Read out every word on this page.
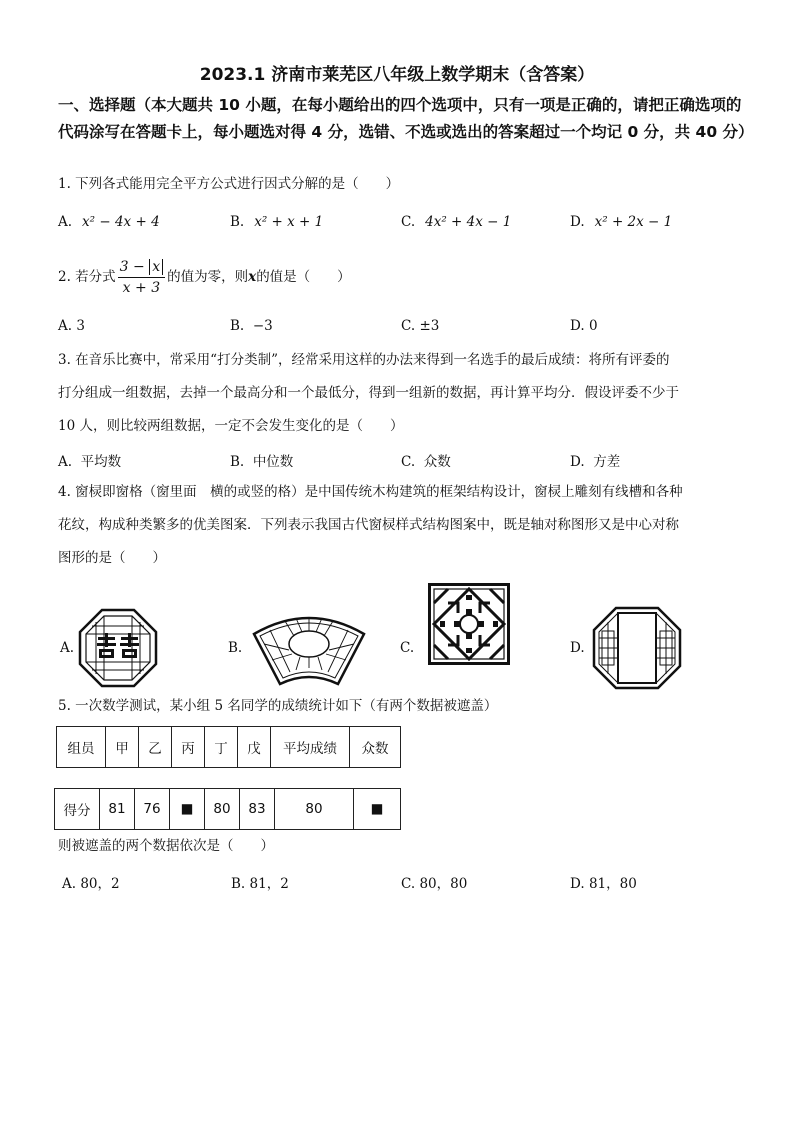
2023.1 济南市莱芜区八年级上数学期末（含答案）
一、选择题（本大题共 10 小题，在每小题给出的四个选项中，只有一项是正确的，请把正确选项的代码涂写在答题卡上，每小题选对得 4 分，选错、不选或选出的答案超过一个均记 0 分，共 40 分）
1. 下列各式能用完全平方公式进行因式分解的是（　　）
A. x² − 4x + 4	B. x² + x + 1	C. 4x² + 4x − 1	D. x² + 2x − 1
2. 若分式 $\frac{3 - x}{x + 3}$ 的值为零，则x的值是（　　）
A. 3	B. −3	C. ±3	D. 0
3. 在音乐比赛中，常采用“打分类制”，经常采用这样的办法来得到一名选手的最后成绩：将所有评委的
打分组成一组数据，去掉一个最高分和一个最低分，得到一组新的数据，再计算平均分．假设评委不少于
10 人，则比较两组数据，一定不会发生变化的是（　　）
A. 平均数	B. 中位数	C. 众数	D. 方差
4. 窗棂即窗格（窗里面　横的或竖的格）是中国传统木构建筑的框架结构设计，窗棂上雕刻有线槽和各种
花纹，构成种类繁多的优美图案．下列表示我国古代窗棂样式结构图案中，既是轴对称图形又是中心对称
图形的是（　　）
A.	B.	C.	D.
5. 一次数学测试，某小组 5 名同学的成绩统计如下（有两个数据被遮盖）
组员	甲	乙	丙	丁	戊	平均成绩	众数
得分	81	76	■	80	83	80	■
则被遮盖的两个数据依次是（　　）
A. 80，2	B. 81，2	C. 80，80	D. 81，80
